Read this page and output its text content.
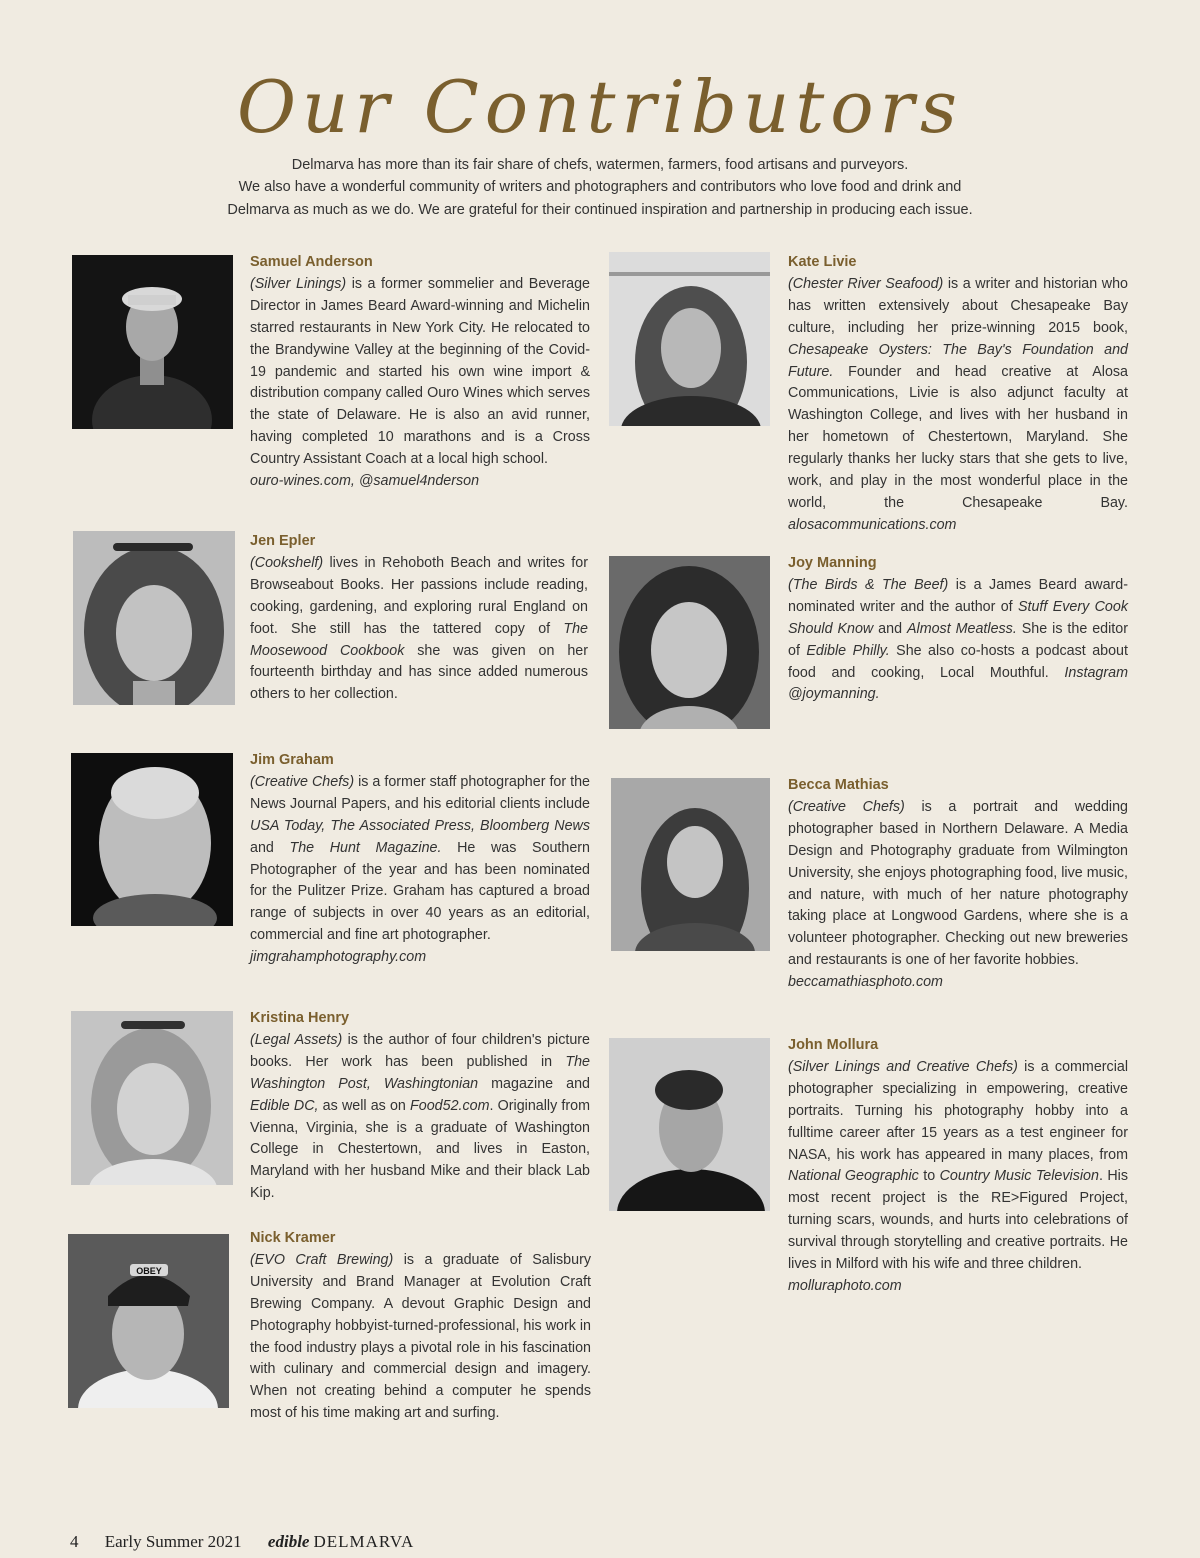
Our Contributors

Delmarva has more than its fair share of chefs, watermen, farmers, food artisans and purveyors.

We also have a wonderful community of writers and photographers and contributors who love food and drink and

Delmarva as much as we do. We are grateful for their continued inspiration and partnership in producing each issue.

Samuel Anderson

(Silver Linings) is a former sommelier and Beverage Director in James Beard Award-winning and Michelin starred restaurants in New York City. He relocated to the Brandywine Valley at the beginning of the Covid-19 pandemic and started his own wine import & distribution company called Ouro Wines which serves the state of Delaware. He is also an avid runner, having completed 10 marathons and is a Cross Country Assistant Coach at a local high school.
ouro-wines.com, @samuel4nderson

Jen Epler

(Cookshelf) lives in Rehoboth Beach and writes for Browseabout Books. Her passions include reading, cooking, gardening, and exploring rural England on foot. She still has the tattered copy of The Moosewood Cookbook she was given on her fourteenth birthday and has since added numerous others to her collection.

Jim Graham

(Creative Chefs) is a former staff photographer for the News Journal Papers, and his editorial clients include USA Today, The Associated Press, Bloomberg News and The Hunt Magazine. He was Southern Photographer of the year and has been nominated for the Pulitzer Prize. Graham has captured a broad range of subjects in over 40 years as an editorial, commercial and fine art photographer.
jimgrahamphotography.com

Kristina Henry

(Legal Assets) is the author of four children's picture books. Her work has been published in The Washington Post, Washingtonian magazine and Edible DC, as well as on Food52.com. Originally from Vienna, Virginia, she is a graduate of Washington College in Chestertown, and lives in Easton, Maryland with her husband Mike and their black Lab Kip.

OBEY
Nick Kramer

(EVO Craft Brewing) is a graduate of Salisbury University and Brand Manager at Evolution Craft Brewing Company. A devout Graphic Design and Photography hobbyist-turned-professional, his work in the food industry plays a pivotal role in his fascination with culinary and commercial design and imagery. When not creating behind a computer he spends most of his time making art and surfing.

Kate Livie

(Chester River Seafood) is a writer and historian who has written extensively about Chesapeake Bay culture, including her prize-winning 2015 book, Chesapeake Oysters: The Bay's Foundation and Future. Founder and head creative at Alosa Communications, Livie is also adjunct faculty at Washington College, and lives with her husband in her hometown of Chestertown, Maryland. She regularly thanks her lucky stars that she gets to live, work, and play in the most wonderful place in the world, the Chesapeake Bay. alosacommunications.com

Joy Manning

(The Birds & The Beef) is a James Beard award-nominated writer and the author of Stuff Every Cook Should Know and Almost Meatless. She is the editor of Edible Philly. She also co-hosts a podcast about food and cooking, Local Mouthful. Instagram @joymanning.

Becca Mathias

(Creative Chefs) is a portrait and wedding photographer based in Northern Delaware. A Media Design and Photography graduate from Wilmington University, she enjoys photographing food, live music, and nature, with much of her nature photography taking place at Longwood Gardens, where she is a volunteer photographer. Checking out new breweries and restaurants is one of her favorite hobbies.
beccamathiasphoto.com

John Mollura

(Silver Linings and Creative Chefs) is a commercial photographer specializing in empowering, creative portraits. Turning his photography hobby into a fulltime career after 15 years as a test engineer for NASA, his work has appeared in many places, from National Geographic to Country Music Television. His most recent project is the RE>Figured Project, turning scars, wounds, and hurts into celebrations of survival through storytelling and creative portraits. He lives in Milford with his wife and three children.
molluraphoto.com

4 Early Summer 2021 edible DELMARVA
